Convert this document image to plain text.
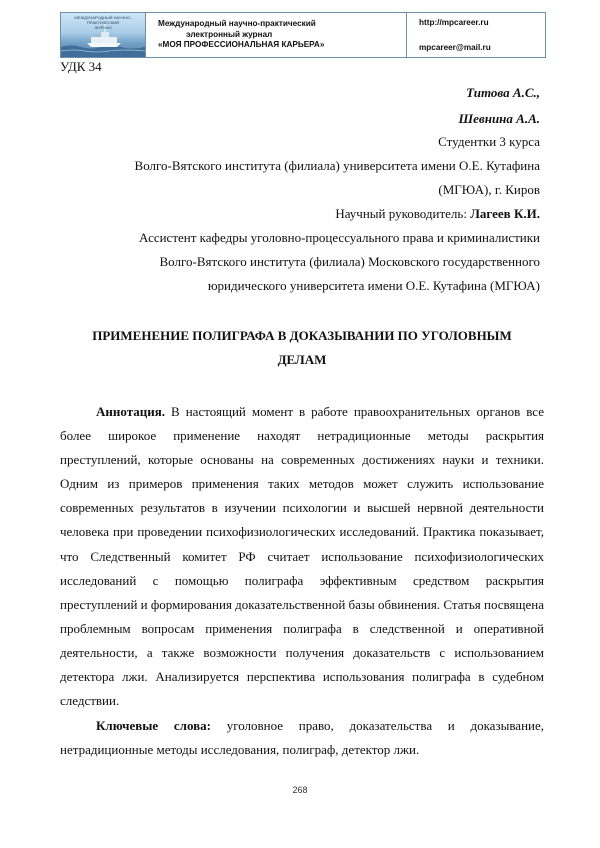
МЕЖДУНАРОДНЫЙ НАУЧНО-
ПРАКТИЧЕСКИЙ
ЖУРНАЛ	Международный научно-практический
электронный журнал
«МОЯ ПРОФЕССИОНАЛЬНАЯ КАРЬЕРА»
http://mpcareer.ru
mpcareer@mail.ru
УДК 34
Титова А.С.,
Шевнина А.А.
Студентки 3 курса
Волго-Вятского института (филиала) университета имени О.Е. Кутафина
(МГЮА), г. Киров
Научный руководитель: Лагеев К.И.
Ассистент кафедры уголовно-процессуального права и криминалистики
Волго-Вятского института (филиала) Московского государственного
юридического университета имени О.Е. Кутафина (МГЮА)
ПРИМЕНЕНИЕ ПОЛИГРАФА В ДОКАЗЫВАНИИ ПО УГОЛОВНЫМ
ДЕЛАМ

Аннотация. В настоящий момент в работе правоохранительных органов все более широкое применение находят нетрадиционные методы раскрытия преступлений, которые основаны на современных достижениях науки и техники. Одним из примеров применения таких методов может служить использование современных результатов в изучении психологии и высшей нервной деятельности человека при проведении психофизиологических исследований. Практика показывает, что Следственный комитет РФ считает использование психофизиологических исследований с помощью полиграфа эффективным средством раскрытия преступлений и формирования доказательственной базы обвинения. Статья посвящена проблемным вопросам применения полиграфа в следственной и оперативной деятельности, а также возможности получения доказательств с использованием детектора лжи. Анализируется перспектива использования полиграфа в судебном следствии.

Ключевые слова: уголовное право, доказательства и доказывание, нетрадиционные методы исследования, полиграф, детектор лжи.

268
